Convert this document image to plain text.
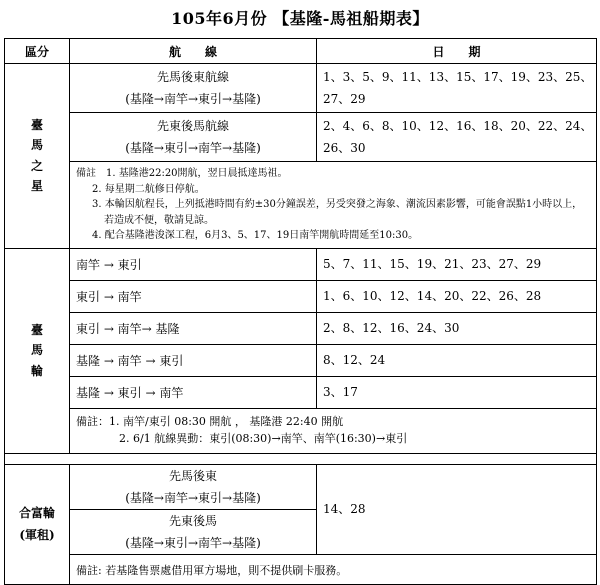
105年6月份 【基隆-馬祖船期表】
區分	航　　線	日　　期

臺
馬
之
星	先馬後東航線
(基隆→南竿→東引→基隆)	1、3、5、9、11、13、15、17、19、23、25、27、29

	先東後馬航線
(基隆→東引→南竿→基隆)	2、4、6、8、10、12、16、18、20、22、24、26、30

	備註　1. 基隆港22:20開航，翌日晨抵達馬祖。
2. 每星期二航修日停航。
3. 本輪因航程長，上列抵港時間有約±30分鐘誤差，另受突發之海象、潮流因素影響，可能會誤點1小時以上，若造成不便，敬請見諒。
4. 配合基隆港浚深工程，6月3、5、17、19日南竿開航時間延至10:30。	

臺
馬
輪	南竿 → 東引	5、7、11、15、19、21、23、27、29
	東引 → 南竿	1、6、10、12、14、20、22、26、28
	東引 → 南竿→ 基隆	2、8、12、16、24、30
	基隆 → 南竿 → 東引	8、12、24
	基隆 → 東引 → 南竿	3、17

	備註：1. 南竿/東引 08:30 開航 ， 基隆港 22:40 開航
2. 6/1 航線異動：東引(08:30)→南竿、南竿(16:30)→東引	

合富輪
(軍租)	先馬後東
(基隆→南竿→東引→基隆)	14、28

	先東後馬
(基隆→東引→南竿→基隆)	

	備註: 若基隆售票處借用軍方場地，則不提供刷卡服務。	
